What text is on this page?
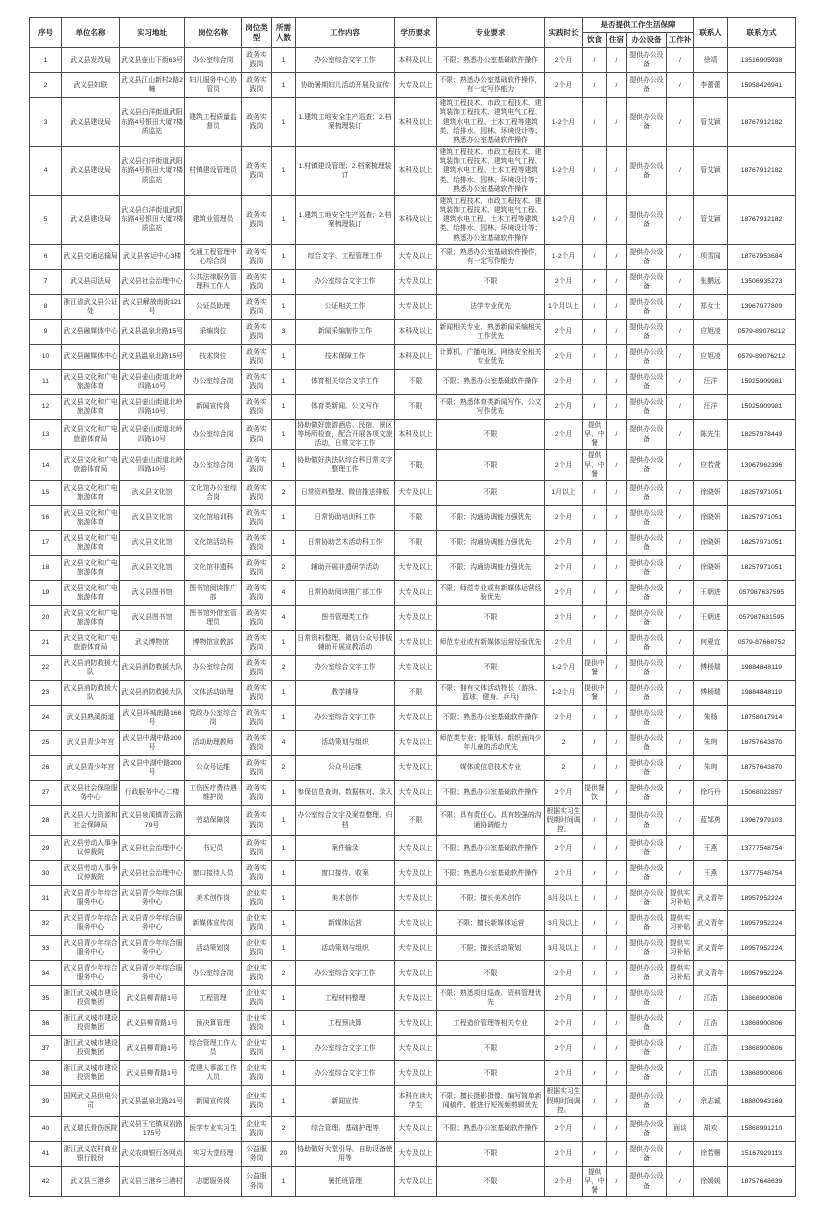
序号	单位名称	实习地址	岗位名称	岗位类型	所需人数	工作内容	学历要求	专业要求	实践时长	是否提供工作生活保障				联系人	联系方式
										饮食	住宿	办公设备	工作补		
1	武义县发改局	武义县壶山下街63号	办公室综合岗	政务实践岗	1	办公室综合文字工作	本科及以上	不限；熟悉办公室基础软件操作	2个月	/	/	提供办公设备	/	徐靖	13516905938
2	武义县妇联	武义县江山新村2路2幢	妇儿服务中心协管员	政务实践岗	1	协助暑期妇儿活动开展及宣传	大专及以上	不限；熟悉办公室基础软件操作，有一定写作能力	2个月	/	/	提供办公设备	/	李蕾蕾	15958426941
3	武义县建设局	武义县白洋街道武阳东路4号银田大厦7楼质监站	建筑工程质量监督员	政务实践岗	1	1.建筑工地安全生产巡查；2.档案梳理装订	本科及以上	建筑工程技术、市政工程技术、建筑装饰工程技术、建筑电气工程、建筑水电工程、土木工程等建筑类、给排水、园林、环境设计等；熟悉办公室基础软件操作	1-2个月	/	/	提供办公设备	/	管艾颖	18767912182
4	武义县建设局	武义县白洋街道武阳东路4号银田大厦7楼质监站	村镇建设管理员	政务实践岗	1	1.村镇建设管理；2.档案梳理装订	本科及以上	建筑工程技术、市政工程技术、建筑装饰工程技术、建筑电气工程、建筑水电工程、土木工程等建筑类、给排水、园林、环境设计等；熟悉办公室基础软件操作	1-2个月	/	/	提供办公设备	/	管艾颖	18767912182
5	武义县建设局	武义县白洋街道武阳东路4号银田大厦7楼质监站	建筑业管理员	政务实践岗	1	1.建筑工地安全生产巡查；2.档案梳理装订	本科及以上	建筑工程技术、市政工程技术、建筑装饰工程技术、建筑电气工程、建筑水电工程、土木工程等建筑类、给排水、园林、环境设计等；熟悉办公室基础软件操作	1-2个月	/	/	提供办公设备	/	管艾颖	18767912182
6	武义县交通运输局	武义县客运中心3楼	交通工程管理中心综合岗	政务实践岗	1	综合文字、工程管理工作	大专及以上	不限；熟悉办公室基础软件操作，有一定写作能力	1-2个月	/	/	提供办公设备	/	项雪闻	18767953684
7	武义县司法局	武义县社会治理中心	公共法律服务管理科工作人	政务实践岗	1	办公室综合文字工作	大专及以上	不限	2个月	/	/	提供办公设备	/	张鹏远	13506935273
8	浙江省武义县公证处	武义县解放南街121号	公证员助理	政务实践岗	1	公证相关工作	大专及以上	法学专业优先	1个月以上	/	/	提供办公设备	/	郑女士	13967977809
9	武义县融媒体中心	武义县温泉北路15号	采编岗位	政务实践岗	3	新闻采编制作工作	本科及以上	新闻相关专业、熟悉新闻采编相关工作优先	2个月	/	/	提供办公设备	/	应旭凌	0579-89076212
10	武义县融媒体中心	武义县温泉北路15号	技术岗位	政务实践岗	1	技术保障工作	本科及以上	计算机、广播电视、网络安全相关专业优先	2个月	/	/	提供办公设备	/	应旭凌	0579-89076212
11	武义县文化和广电旅游体育	武义县壶山街道北岭四路10号	办公室综合岗	政务实践岗	1	体育相关综合文字工作	不限	不限；熟悉办公室基础软件操作	2个月	/	/	提供办公设备	/	汪洋	15925909981
12	武义县文化和广电旅游体育	武义县壶山街道北岭四路10号	新闻宣传岗	政务实践岗	1	体育类新闻、公文写作	不限	不限；熟悉体育类新闻写作、公文写作优先	2个月	/	/	提供办公设备	/	汪洋	15925909981
13	武义县文化和广电旅游体育局	武义县壶山街道北岭四路10号	办公室综合岗	政务实践岗	1	协助做好旅游酒店、民宿、景区等场所检查，配合开展各项文旅活动，日常文字工作	本科及以上	不限	2个月	提供早、中餐	/	提供办公设备	/	陈先生	18257978449
14	武义县文化和广电旅游体育局	武义县壶山街道北岭四路10号	办公室综合岗	政务实践岗	1	协助做好执法队综合科日常文字整理工作	不限	不限	2个月	提供早、中餐	/	提供办公设备	/	应若萱	13967962396
15	武义县文化和广电旅游体育	武义县文化馆	文化馆办公室综合岗	政务实践岗	2	日常资料整理、微信推送排版	大专及以上	不限	1月以上	/	/	提供办公设备	/	徐晓妍	18257971051
16	武义县文化和广电旅游体育	武义县文化馆	文化馆培训科	政务实践岗	1	日常协助培训科工作	不限	不限；沟通协调能力强优先	2个月	/	/	提供办公设备	/	徐晓妍	18257971051
17	武义县文化和广电旅游体育	武义县文化馆	文化馆活动科	政务实践岗	1	日常协助艺术活动科工作	不限	不限；沟通协调能力强优先	2个月	/	/	提供办公设备	/	徐晓妍	18257971051
18	武义县文化和广电旅游体育	武义县文化馆	文化馆非遗科	政务实践岗	2	辅助开展非遗研学活动	大专及以上	不限；沟通协调能力强优先	2个月	/	/	提供办公设备	/	徐晓妍	18257971051
19	武义县文化和广电旅游体育	武义县图书馆	图书馆阅读推广部	政务实践岗	4	日常协助阅读推广部工作	大专及以上	不限；师范专业或有新媒体运营经验优先	2个月	/	/	提供办公设备	/	王朝进	057987637595
20	武义县文化和广电旅游体育	武义县图书馆	图书馆外借室管理员	政务实践岗	4	图书管理类工作	大专及以上	不限	2个月	/	/	提供办公设备	/	王朝进	057987631595
21	武义县文化和广电旅游体育局	武义博物馆	博物馆宣教部	政务实践岗	1	日常资料整理、微信公众号排版 辅助开展宣教活动	大专及以上	师范专业或有新媒体运营经验优先	2个月	/	/	提供办公设备	/	何夏宜	0579-87668752
22	武义县消防救援大队	武义县消防救援大队	办公室综合岗	政务实践岗	2	办公室综合文字工作	大专及以上	不限	1-2个月	提供中餐	/	提供办公设备	/	傅杨瑞	19884848119
23	武义县消防救援大队	武义县消防救援大队	文体活动助理	政务实践岗	1	教学辅导	不限	不限；拥有文体活动特长（游泳、篮球、健身、乒乓)	1-2个月	提供中餐	/	提供办公设备	/	傅杨瑞	19884848119
24	武义县熟溪街道	武义县环城南路166号	党政办公室综合岗	政务实践岗	1	办公室综合文字工作	大专及以上	不限；熟悉办公室基础软件操作	2个月	/	/	提供办公设备	/	朱杨	18758017914
25	武义县青少年宫	武义县中湖中路200号	活动助理教师	政务实践岗	4	活动策划与组织	大专及以上	师范类专业；能策划、组织面向少年儿童的活动优先	2	/	/	提供办公设备	/	朱珣	18757643870
26	武义县青少年宫	武义县中湖中路200号	公众号运维	政务实践岗	2	公众号运维	大专及以上	媒体或信息技术专业	2	/	/	提供办公设备	/	朱珣	18757643870
27	武义县社会保险服务中心	行政服务中心二楼	工伤医疗费待遇维护岗	政务实践岗	1	参保信息查询、数据核对、录入	大专及以上	不限；熟悉办公室基础软件操作	2个月	提供餐饮	/	提供办公设备	/	徐巧丹	15068022857
28	武义县人力资源和社会保障局	武义县泉溪镇青云路79号	劳动保障岗	政务实践岗	1	办公室综合文字及案卷整理、归档	不限	不限；具有责任心、具有较强的沟通协调能力	根据实习生假期时间调控。	/	/	提供办公设备	/	蓝邹勇	13967979103
29	武义县劳动人事争议仲裁院	武义县社会治理中心	书记员	政务实践岗	1	案件输录	大专及以上	不限；熟悉办公室基础软件操作	2个月	/	/	提供办公设备	/	王燕	13777548754
30	武义县劳动人事争议仲裁院	武义县社会治理中心	窗口接待人员	政务实践岗	1	窗口接待、收案	大专及以上	不限；熟悉办公室基础软件操作	2个月	/	/	提供办公设备	/	王燕	13777548754
31	武义县青少年综合服务中心	武义县青少年综合服务中心	美术创作岗	企业实践岗	1	美术创作	大专及以上	不限；擅长美术创作	3月及以上	/	/	提供办公设备	提供实习补贴	武义青年	18957952224
32	武义县青少年综合服务中心	武义县青少年综合服务中心	新媒体宣传岗	企业实践岗	1	新媒体运营	大专及以上	不限；擅长新媒体运营	3月及以上	/	/	提供办公设备	提供实习补贴	武义青年	18957952224
33	武义县青少年综合服务中心	武义县青少年综合服务中心	活动策划岗	企业实践岗	1	活动策划与组织	大专及以上	不限；擅长活动策划	3月及以上	/	/	提供办公设备	提供实习补贴	武义青年	18957952224
34	武义县青少年综合服务中心	武义县青少年综合服务中心	办公室综合岗	企业实践岗	2	办公室综合文字工作	大专及以上	不限	2个月	/	/	提供办公设备	提供实习补贴	武义青年	18957952224
35	浙江武义城市建设投资集团	武义县柳青路1号	工程管理	企业实践岗	1	工程材料整理	大专及以上	不限；熟悉项目巡查、资料管理优先	2个月	/	/	提供办公设备	/	江浩	13868900806
36	浙江武义城市建设投资集团	武义县柳青路1号	预决算管理	企业实践岗	1	工程预决算	大专及以上	工程造价管理等相关专业	2个月	/	/	提供办公设备	/	江浩	13868900806
37	浙江武义城市建设投资集团	武义县柳青路1号	综合管理工作人员	企业实践岗	1	办公室综合文字工作	大专及以上	不限	2个月	/	/	提供办公设备	/	江浩	13868900806
38	浙江武义城市建设投资集团	武义县柳青路1号	党建人事部工作人员	企业实践岗	1	办公室综合文字工作	大专及以上	不限	2个月	/	/	提供办公设备	/	江浩	13868900806
39	国网武义县供电公司	武义县温泉北路21号	新闻宣传岗	企业实践岗	1	新闻宣传	本科在读大学生	不限；擅长摄影摄像、编写简单新闻稿件、能进行短视频剪辑优先	根据实习生假期时间调控。	/	/	提供办公设备	/	余志诚	18880943169
40	武义瑞氏骨伤医院	武义县王宅镇双岩路175号	医学专业实习生	企业实践岗	2	综合管理、基础护理等	大专及以上	不限；熟悉办公室基础软件操作	2个月	/	/	提供办公设备	面谈	胡欢	15868991210
41	浙江武义农村商业银行股份	武义农商银行各网点	实习大堂经理	公益服务岗	20	协助做好大堂引导、自助设备使用等	大专及以上	不限	2个月	/	/	提供办公设备	/	徐若姗	15167929113
42	武义县三港乡	武义县三港乡三港村	志愿服务岗	公益服务岗	1	暑托班管理	大专及以上	不限	2个月	提供早、中餐	/	提供办公设备	/	徐媛媛	18757648639
